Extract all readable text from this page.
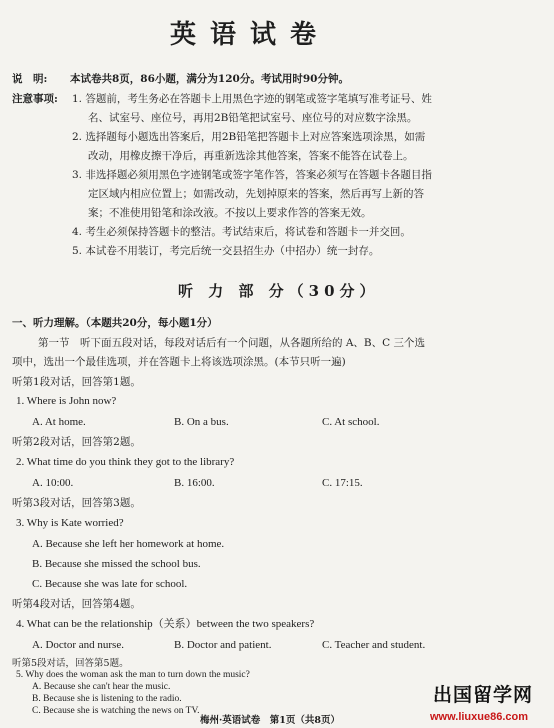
英语试卷
说　明: 本试卷共8页，86小题，满分为120分。考试用时90分钟。
注意事项: 1. 答题前，考生务必在答题卡上用黑色字迹的钢笔或签字笔填写准考证号、姓
名、试室号、座位号，再用2B铅笔把试室号、座位号的对应数字涂黑。
2. 选择题每小题选出答案后，用2B铅笔把答题卡上对应答案选项涂黑，如需
改动，用橡皮擦干净后，再重新选涂其他答案，答案不能答在试卷上。
3. 非选择题必须用黑色字迹钢笔或签字笔作答，答案必须写在答题卡各题目指
定区域内相应位置上；如需改动，先划掉原来的答案，然后再写上新的答
案；不准使用铅笔和涂改液。不按以上要求作答的答案无效。
4. 考生必须保持答题卡的整洁。考试结束后，将试卷和答题卡一并交回。
5. 本试卷不用装订，考完后统一交县招生办（中招办）统一封存。
听 力 部 分（30分）
一、听力理解。（本题共20分，每小题1分）
第一节　听下面五段对话，每段对话后有一个问题，从各题所给的 A、B、C 三个选
项中，选出一个最佳选项，并在答题卡上将该选项涂黑。(本节只听一遍)
听第1段对话，回答第1题。
1. Where is John now?
A. At home.	B. On a bus.	C. At school.
听第2段对话，回答第2题。
2. What time do you think they got to the library?
A. 10:00.	B. 16:00.	C. 17:15.
听第3段对话，回答第3题。
3. Why is Kate worried?
A. Because she left her homework at home.
B. Because she missed the school bus.
C. Because she was late for school.
听第4段对话，回答第4题。
4. What can be the relationship（关系）between the two speakers?
A. Doctor and nurse.	B. Doctor and patient.	C. Teacher and student.
听第5段对话，回答第5题。
5. Why does the woman ask the man to turn down the music?
A. Because she can't hear the music.
B. Because she is listening to the radio.
C. Because she is watching the news on TV.
梅州·英语试卷　第1页（共8页）
出国留学网
www.liuxue86.com
